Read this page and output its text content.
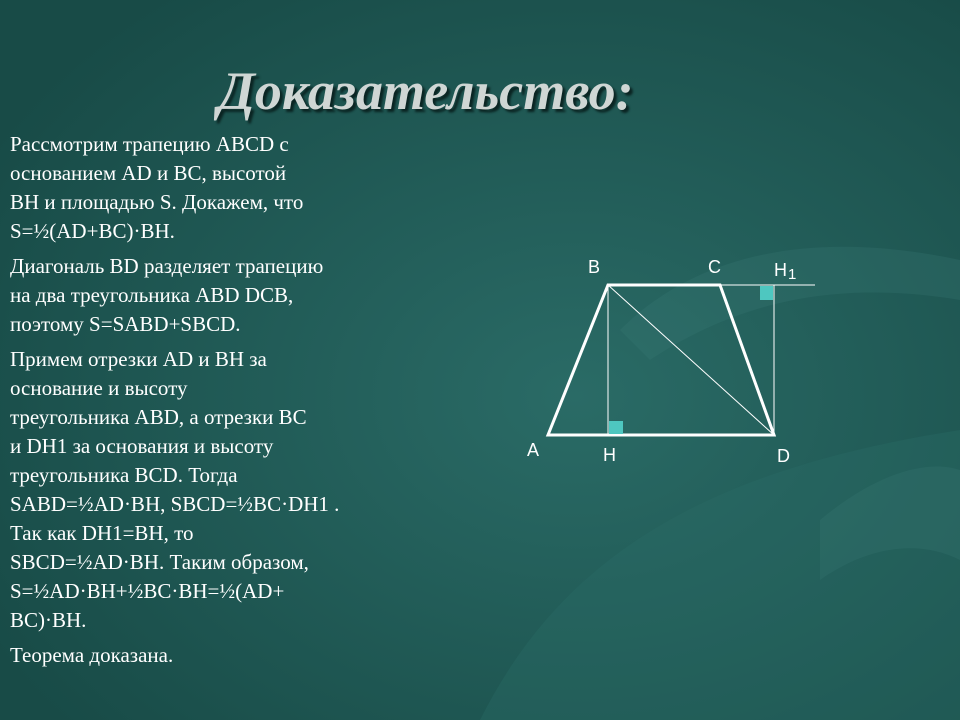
Доказательство:

Рассмотрим трапецию ABCD с
основанием AD и BC, высотой
BH и площадью S. Докажем, что
S=½(AD+BC)·BH.

Диагональ BD разделяет трапецию
на два треугольника ABD DCB,
поэтому S=SABD+SBCD.

Примем отрезки AD и BH за
основание и высоту
треугольника ABD, а отрезки BC
и DH1 за основания и высоту
треугольника BCD. Тогда
SABD=½AD·BH, SBCD=½BC·DH1 .
Так как DH1=BH, то
SBCD=½AD·BH. Таким образом,
S=½AD·BH+½BC·BH=½(AD+
BC)·BH.

Теорема доказана.

A
B	C
D
H
H 1
